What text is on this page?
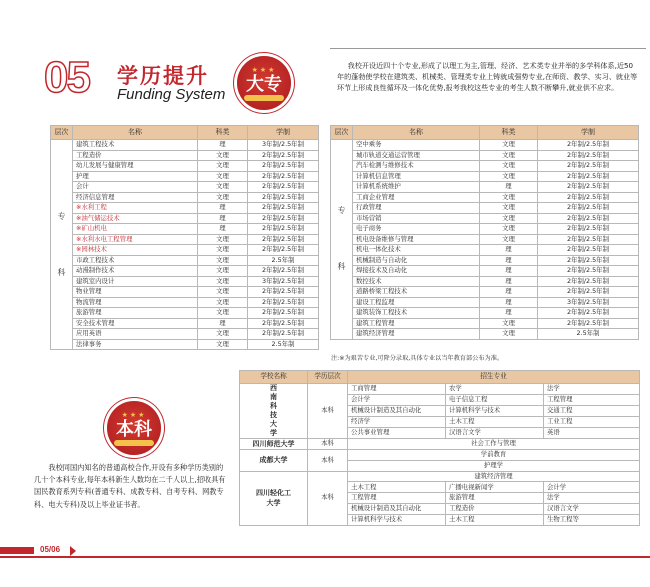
05 学历提升
Funding System
★★★
大专

我校开设近四十个专业,形成了以理工为主,管理、经济、艺术类专业并举的多学科体系,近50年的蓬勃使学校在建筑类、机械类、管理类专业上铸就成强势专业,在师资、教学、实习、就业等环节上形成良性循环及一体化优势,报考我校这些专业的考生人数不断攀升,就业供不应求。

层次	名称	科类	学制
专

科	建筑工程技术	理	3年制/2.5年制
	工程造价	文理	2年制/2.5年制
	幼儿发展与健康管理	文理	2年制/2.5年制
	护理	文理	2年制/2.5年制
	会计	文理	2年制/2.5年制
	经济信息管理	文理	2年制/2.5年制
	※水利工程	理	2年制/2.5年制
	※油气储运技术	理	2年制/2.5年制
	※矿山机电	理	2年制/2.5年制
	※水利水电工程管理	文理	2年制/2.5年制
	※园林技术	文理	2年制/2.5年制
	市政工程技术	文理	2.5年制
	动漫制作技术	文理	2年制/2.5年制
	建筑室内设计	文理	3年制/2.5年制
	物业管理	文理	2年制/2.5年制
	物流管理	文理	2年制/2.5年制
	旅游管理	文理	2年制/2.5年制
	安全技术管理	理	2年制/2.5年制
	应用英语	文理	2年制/2.5年制
	法律事务	文理	2.5年制
层次	名称	科类	学制
专

科	空中乘务	文理	2年制/2.5年制
	城市轨道交通运营管理	文理	2年制/2.5年制
	汽车检测与维修技术	文理	2年制/2.5年制
	计算机信息管理	文理	2年制/2.5年制
	计算机系统维护	理	2年制/2.5年制
	工商企业管理	文理	2年制/2.5年制
	行政管理	文理	2年制/2.5年制
	市场营销	文理	2年制/2.5年制
	电子商务	文理	2年制/2.5年制
	机电设备维修与管理	文理	2年制/2.5年制
	机电一体化技术	理	2年制/2.5年制
	机械制造与自动化	理	2年制/2.5年制
	焊接技术及自动化	理	2年制/2.5年制
	数控技术	理	2年制/2.5年制
	道路桥梁工程技术	理	2年制/2.5年制
	建设工程监理	理	3年制/2.5年制
	建筑装饰工程技术	理	2年制/2.5年制
	建筑工程管理	文理	2年制/2.5年制
	建筑经济管理	文理	2.5年制
注:※为艰苦专业,可降分录取,具体专业以当年教育部公布为准。
★★★
本科

我校同国内知名的普通高校合作,开设有多种学历类别的几十个本科专业,每年本科新生人数均在二千人以上,招收具有国民教育系列专科(普通专科、成教专科、自考专科、网教专科、电大专科)及以上毕业证书者。

学校名称	学历层次	招生专业		
西南科技大学	本科	工商管理	农学	法学
		会计学	电子信息工程	工程管理
		机械设计制造及其自动化	计算机科学与技术	交通工程
		经济学	土木工程	工业工程
		公共事业管理	汉语言文学	英语
四川师范大学	本科	社会工作与管理		
成都大学	本科	学前教育		
		护理学		
四川轻化工大学	本科	建筑经济管理		
		土木工程	广播电视新闻学	会计学
		工程管理	旅游管理	法学
		机械设计制造及其自动化	工程造价	汉语言文学
		计算机科学与技术	土木工程	生物工程等
05/06
